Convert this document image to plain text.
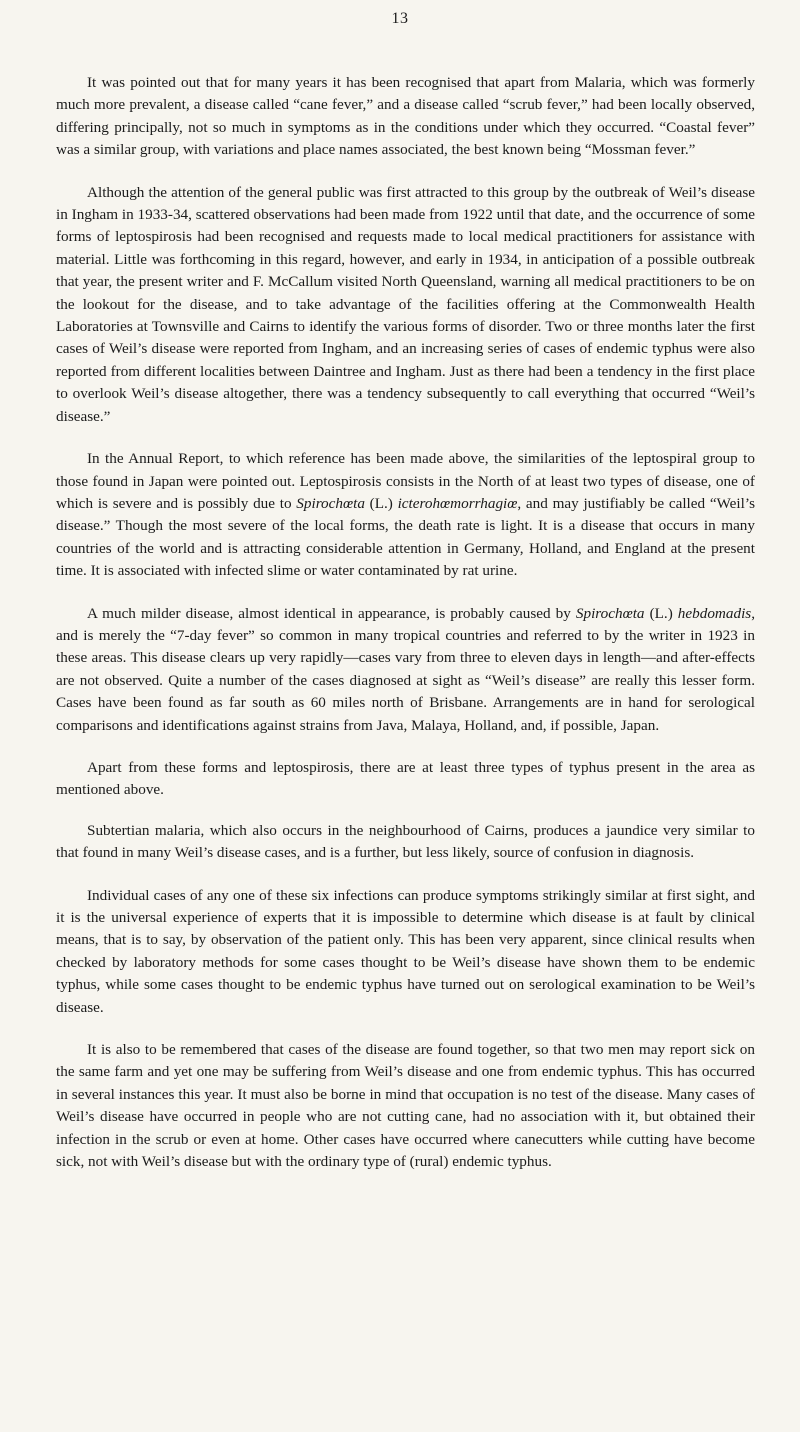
13

It was pointed out that for many years it has been recognised that apart from Malaria, which was formerly much more prevalent, a disease called “cane fever,” and a disease called “scrub fever,” had been locally observed, differing principally, not so much in symptoms as in the conditions under which they occurred. “Coastal fever” was a similar group, with variations and place names associated, the best known being “Mossman fever.”

Although the attention of the general public was first attracted to this group by the outbreak of Weil’s disease in Ingham in 1933-34, scattered observations had been made from 1922 until that date, and the occurrence of some forms of leptospirosis had been recognised and requests made to local medical practitioners for assistance with material. Little was forthcoming in this regard, however, and early in 1934, in anticipation of a possible outbreak that year, the present writer and F. McCallum visited North Queensland, warning all medical practitioners to be on the lookout for the disease, and to take advantage of the facilities offering at the Commonwealth Health Laboratories at Townsville and Cairns to identify the various forms of disorder. Two or three months later the first cases of Weil’s disease were reported from Ingham, and an increasing series of cases of endemic typhus were also reported from different localities between Daintree and Ingham. Just as there had been a tendency in the first place to overlook Weil’s disease altogether, there was a tendency subsequently to call everything that occurred “Weil’s disease.”

In the Annual Report, to which reference has been made above, the similarities of the leptospiral group to those found in Japan were pointed out. Leptospirosis consists in the North of at least two types of disease, one of which is severe and is possibly due to Spirochœta (L.) icterohœmorrhagiœ, and may justifiably be called “Weil’s disease.” Though the most severe of the local forms, the death rate is light. It is a disease that occurs in many countries of the world and is attracting considerable attention in Germany, Holland, and England at the present time. It is associated with infected slime or water contaminated by rat urine.

A much milder disease, almost identical in appearance, is probably caused by Spirochœta (L.) hebdomadis, and is merely the “7-day fever” so common in many tropical countries and referred to by the writer in 1923 in these areas. This disease clears up very rapidly—cases vary from three to eleven days in length—and after-effects are not observed. Quite a number of the cases diagnosed at sight as “Weil’s disease” are really this lesser form. Cases have been found as far south as 60 miles north of Brisbane. Arrangements are in hand for serological comparisons and identifications against strains from Java, Malaya, Holland, and, if possible, Japan.

Apart from these forms and leptospirosis, there are at least three types of typhus present in the area as mentioned above.

Subtertian malaria, which also occurs in the neighbourhood of Cairns, produces a jaundice very similar to that found in many Weil’s disease cases, and is a further, but less likely, source of confusion in diagnosis.

Individual cases of any one of these six infections can produce symptoms strikingly similar at first sight, and it is the universal experience of experts that it is impossible to determine which disease is at fault by clinical means, that is to say, by observation of the patient only. This has been very apparent, since clinical results when checked by laboratory methods for some cases thought to be Weil’s disease have shown them to be endemic typhus, while some cases thought to be endemic typhus have turned out on serological examination to be Weil’s disease.

It is also to be remembered that cases of the disease are found together, so that two men may report sick on the same farm and yet one may be suffering from Weil’s disease and one from endemic typhus. This has occurred in several instances this year. It must also be borne in mind that occupation is no test of the disease. Many cases of Weil’s disease have occurred in people who are not cutting cane, had no association with it, but obtained their infection in the scrub or even at home. Other cases have occurred where canecutters while cutting have become sick, not with Weil’s disease but with the ordinary type of (rural) endemic typhus.
